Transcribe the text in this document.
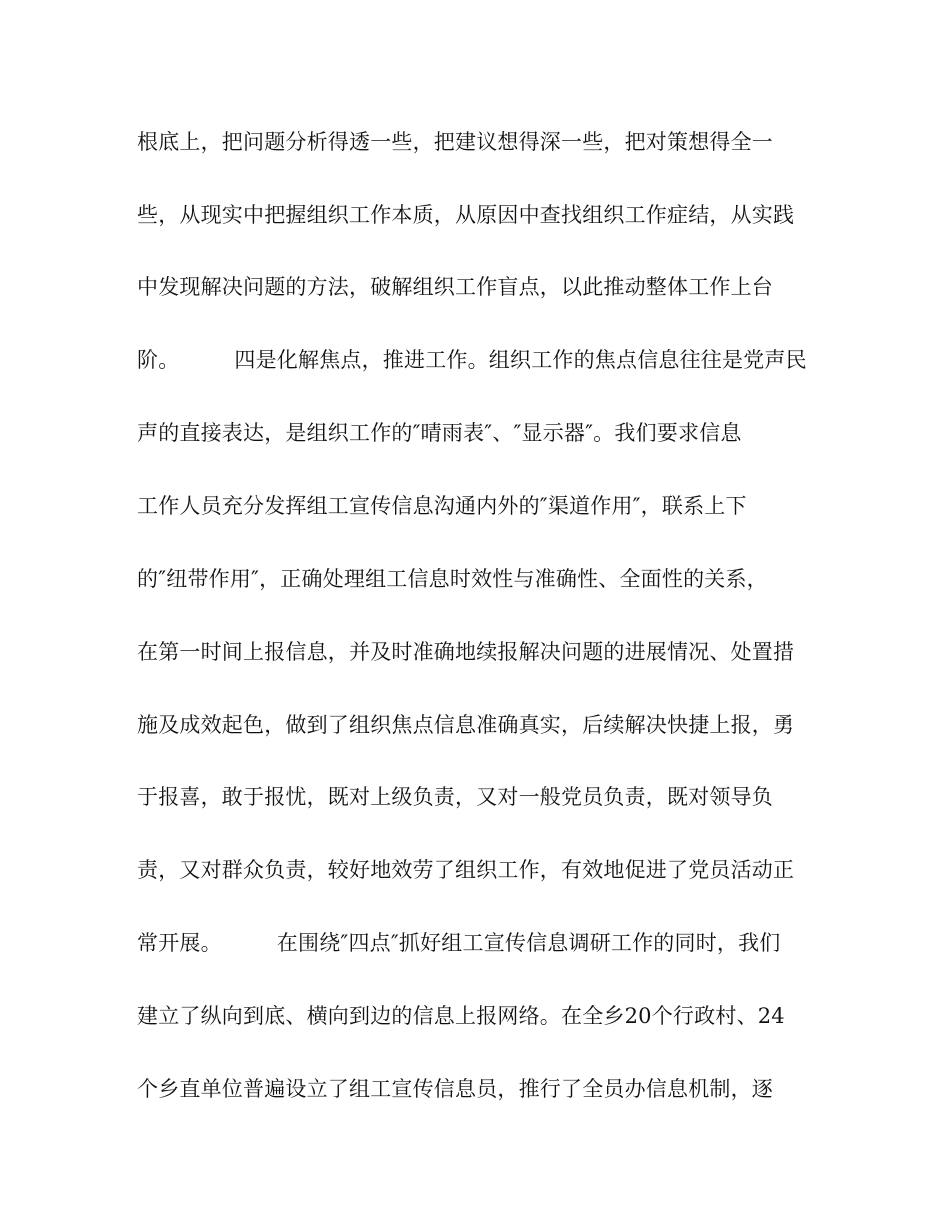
根底上，把问题分析得透一些，把建议想得深一些，把对策想得全一
些，从现实中把握组织工作本质，从原因中查找组织工作症结，从实践
中发现解决问题的方法，破解组织工作盲点，以此推动整体工作上台
阶。        四是化解焦点，推进工作。组织工作的焦点信息往往是党声民
声的直接表达，是组织工作的″晴雨表″、″显示器″。我们要求信息
工作人员充分发挥组工宣传信息沟通内外的″渠道作用″，联系上下
的″纽带作用″，正确处理组工信息时效性与准确性、全面性的关系，
在第一时间上报信息，并及时准确地续报解决问题的进展情况、处置措
施及成效起色，做到了组织焦点信息准确真实，后续解决快捷上报，勇
于报喜，敢于报忧，既对上级负责，又对一般党员负责，既对领导负
责，又对群众负责，较好地效劳了组织工作，有效地促进了党员活动正
常开展。        在围绕″四点″抓好组工宣传信息调研工作的同时，我们
建立了纵向到底、横向到边的信息上报网络。在全乡20个行政村、24
个乡直单位普遍设立了组工宣传信息员，推行了全员办信息机制，逐
